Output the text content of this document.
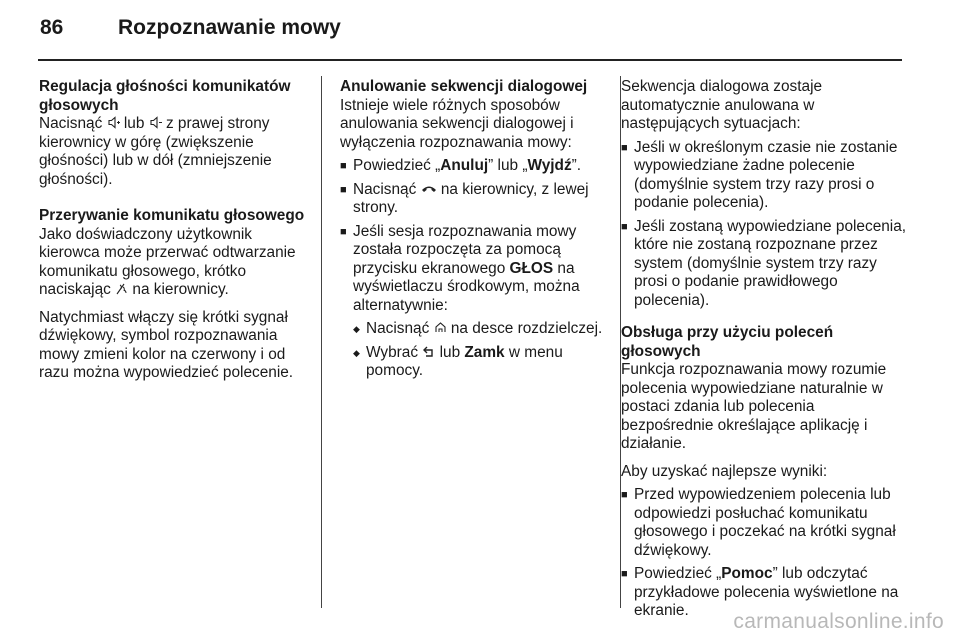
86	Rozpoznawanie mowy

Regulacja głośności komunikatów głosowych

Nacisnąć  lub  z prawej strony kierownicy w górę (zwiększenie głośności) lub w dół (zmniejszenie głośności).

Przerywanie komunikatu głosowego

Jako doświadczony użytkownik kierowca może przerwać odtwarzanie komunikatu głosowego, krótko naciskając  na kierownicy.

Natychmiast włączy się krótki sygnał dźwiękowy, symbol rozpoznawania mowy zmieni kolor na czerwony i od razu można wypowiedzieć polecenie.

Anulowanie sekwencji dialogowej

Istnieje wiele różnych sposobów anulowania sekwencji dialogowej i wyłączenia rozpoznawania mowy:

■ Powiedzieć „Anuluj” lub „Wyjdź”.
■ Nacisnąć  na kierownicy, z lewej strony.
■ Jeśli sesja rozpoznawania mowy została rozpoczęta za pomocą przycisku ekranowego GŁOS na wyświetlaczu środkowym, można alternatywnie:
◆ Nacisnąć  na desce rozdzielczej.
◆ Wybrać  lub Zamk w menu pomocy.

Sekwencja dialogowa zostaje automatycznie anulowana w następujących sytuacjach:

■ Jeśli w określonym czasie nie zostanie wypowiedziane żadne polecenie (domyślnie system trzy razy prosi o podanie polecenia).
■ Jeśli zostaną wypowiedziane polecenia, które nie zostaną rozpoznane przez system (domyślnie system trzy razy prosi o podanie prawidłowego polecenia).

Obsługa przy użyciu poleceń głosowych

Funkcja rozpoznawania mowy rozumie polecenia wypowiedziane naturalnie w postaci zdania lub polecenia bezpośrednie określające aplikację i działanie.

Aby uzyskać najlepsze wyniki:

■ Przed wypowiedzeniem polecenia lub odpowiedzi posłuchać komunikatu głosowego i poczekać na krótki sygnał dźwiękowy.
■ Powiedzieć „Pomoc” lub odczytać przykładowe polecenia wyświetlone na ekranie.	carmanualsonline.info
